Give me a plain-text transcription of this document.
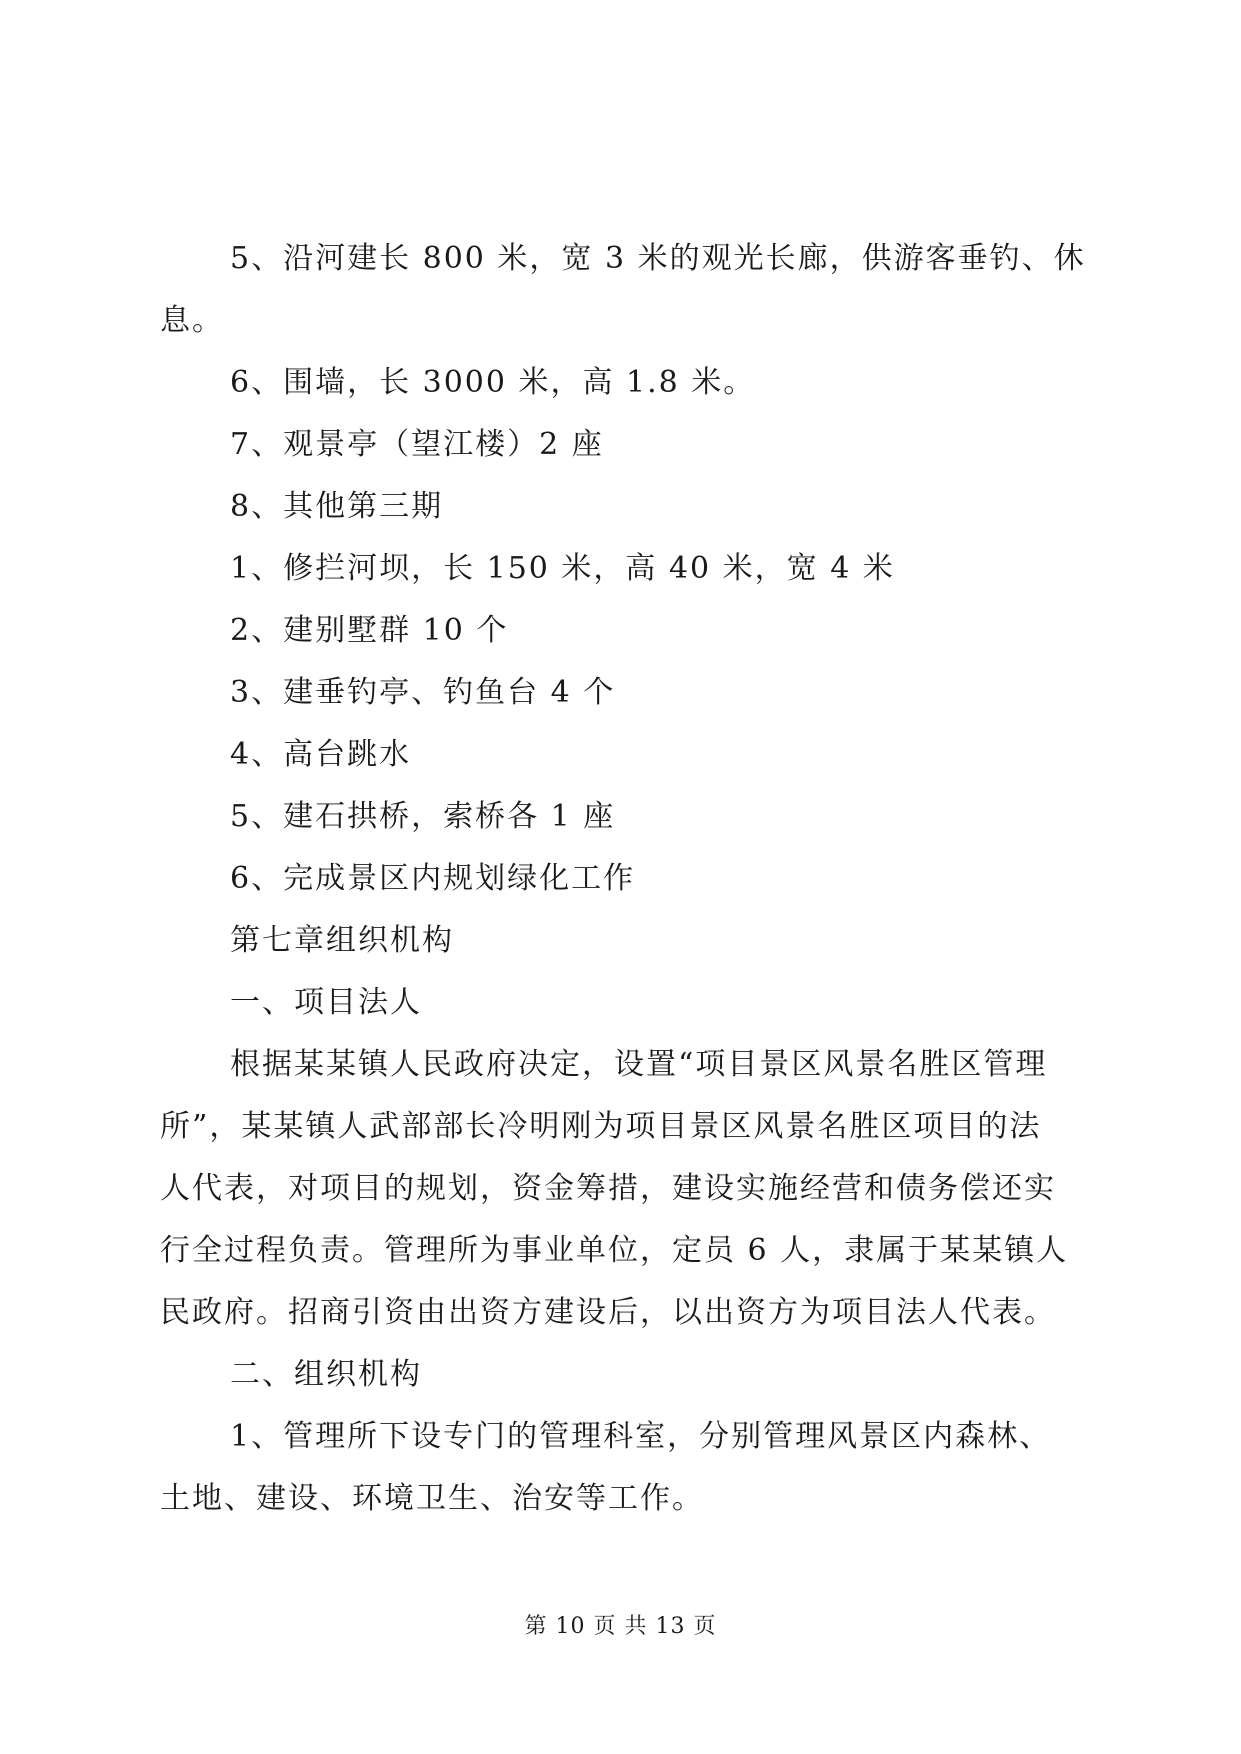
5、沿河建长 800 米，宽 3 米的观光长廊，供游客垂钓、休
息。
6、围墙，长 3000 米，高 1.8 米。
7、观景亭（望江楼）2 座
8、其他第三期
1、修拦河坝，长 150 米，高 40 米，宽 4 米
2、建别墅群 10 个
3、建垂钓亭、钓鱼台 4 个
4、高台跳水
5、建石拱桥，索桥各 1 座
6、完成景区内规划绿化工作
第七章组织机构
一、项目法人
根据某某镇人民政府决定，设置“项目景区风景名胜区管理
所”，某某镇人武部部长冷明刚为项目景区风景名胜区项目的法
人代表，对项目的规划，资金筹措，建设实施经营和债务偿还实
行全过程负责。管理所为事业单位，定员 6 人，隶属于某某镇人
民政府。招商引资由出资方建设后，以出资方为项目法人代表。
二、组织机构
1、管理所下设专门的管理科室，分别管理风景区内森林、
土地、建设、环境卫生、治安等工作。
第 10 页 共 13 页
